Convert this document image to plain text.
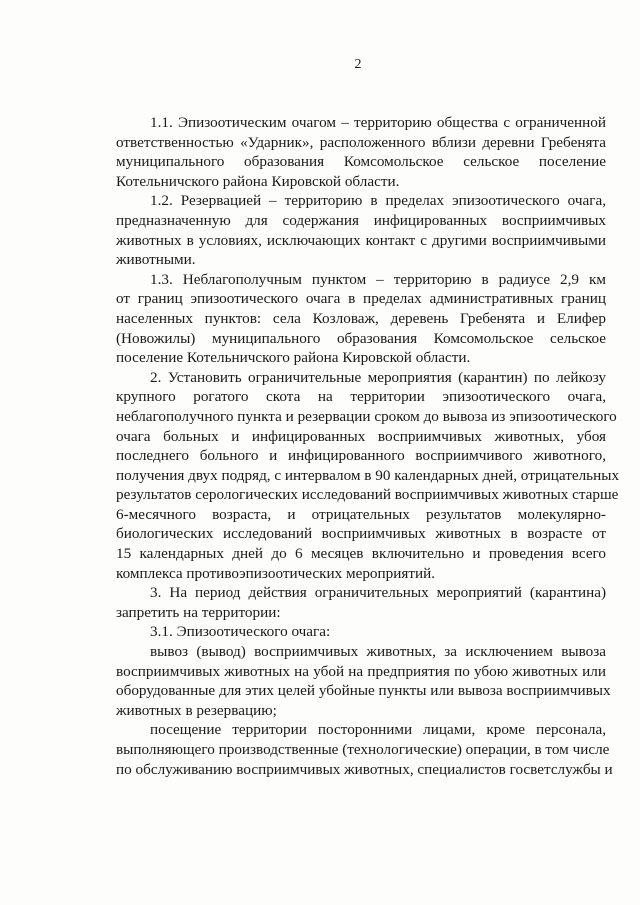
2
1.1. Эпизоотическим очагом – территорию общества с ограниченной
ответственностью «Ударник», расположенного вблизи деревни Гребенята
муниципального образования Комсомольское сельское поселение
Котельничского района Кировской области.
1.2. Резервацией – территорию в пределах эпизоотического очага,
предназначенную для содержания инфицированных восприимчивых
животных в условиях, исключающих контакт с другими восприимчивыми
животными.
1.3. Неблагополучным пунктом – территорию в радиусе 2,9 км
от границ эпизоотического очага в пределах административных границ
населенных пунктов: села Козловаж, деревень Гребенята и Елифер
(Новожилы) муниципального образования Комсомольское сельское
поселение Котельничского района Кировской области.
2. Установить ограничительные мероприятия (карантин) по лейкозу
крупного рогатого скота на территории эпизоотического очага,
неблагополучного пункта и резервации сроком до вывоза из эпизоотического
очага больных и инфицированных восприимчивых животных, убоя
последнего больного и инфицированного восприимчивого животного,
получения двух подряд, с интервалом в 90 календарных дней, отрицательных
результатов серологических исследований восприимчивых животных старше
6-месячного возраста, и отрицательных результатов молекулярно-
биологических исследований восприимчивых животных в возрасте от
15 календарных дней до 6 месяцев включительно и проведения всего
комплекса противоэпизоотических мероприятий.
3. На период действия ограничительных мероприятий (карантина)
запретить на территории:
3.1. Эпизоотического очага:
вывоз (вывод) восприимчивых животных, за исключением вывоза
восприимчивых животных на убой на предприятия по убою животных или
оборудованные для этих целей убойные пункты или вывоза восприимчивых
животных в резервацию;
посещение территории посторонними лицами, кроме персонала,
выполняющего производственные (технологические) операции, в том числе
по обслуживанию восприимчивых животных, специалистов госветслужбы и
